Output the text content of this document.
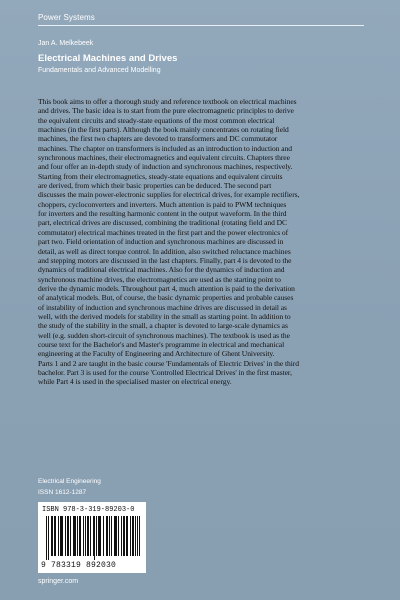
Power Systems
Jan A. Melkebeek
Electrical Machines and Drives
Fundamentals and Advanced Modelling

This book aims to offer a thorough study and reference textbook on electrical machines
and drives. The basic idea is to start from the pure electromagnetic principles to derive
the equivalent circuits and steady-state equations of the most common electrical
machines (in the first parts). Although the book mainly concentrates on rotating field
machines, the first two chapters are devoted to transformers and DC commutator
machines. The chapter on transformers is included as an introduction to induction and
synchronous machines, their electromagnetics and equivalent circuits. Chapters three
and four offer an in-depth study of induction and synchronous machines, respectively.
Starting from their electromagnetics, steady-state equations and equivalent circuits
are derived, from which their basic properties can be deduced. The second part
discusses the main power-electronic supplies for electrical drives, for example rectifiers,
choppers, cycloconverters and inverters. Much attention is paid to PWM techniques
for inverters and the resulting harmonic content in the output waveform. In the third
part, electrical drives are discussed, combining the traditional (rotating field and DC
commutator) electrical machines treated in the first part and the power electronics of
part two. Field orientation of induction and synchronous machines are discussed in
detail, as well as direct torque control. In addition, also switched reluctance machines
and stepping motors are discussed in the last chapters. Finally, part 4 is devoted to the
dynamics of traditional electrical machines. Also for the dynamics of induction and
synchronous machine drives, the electromagnetics are used as the starting point to
derive the dynamic models. Throughout part 4, much attention is paid to the derivation
of analytical models. But, of course, the basic dynamic properties and probable causes
of instability of induction and synchronous machine drives are discussed in detail as
well, with the derived models for stability in the small as starting point. In addition to
the study of the stability in the small, a chapter is devoted to large-scale dynamics as
well (e.g. sudden short-circuit of synchronous machines). The textbook is used as the
course text for the Bachelor's and Master's programme in electrical and mechanical
engineering at the Faculty of Engineering and Architecture of Ghent University.
Parts 1 and 2 are taught in the basic course 'Fundamentals of Electric Drives' in the third
bachelor. Part 3 is used for the course 'Controlled Electrical Drives' in the first master,
while Part 4 is used in the specialised master on electrical energy.

Electrical Engineering
ISSN 1612-1287
ISBN 978-3-319-89203-0
9 783319 892030
springer.com
